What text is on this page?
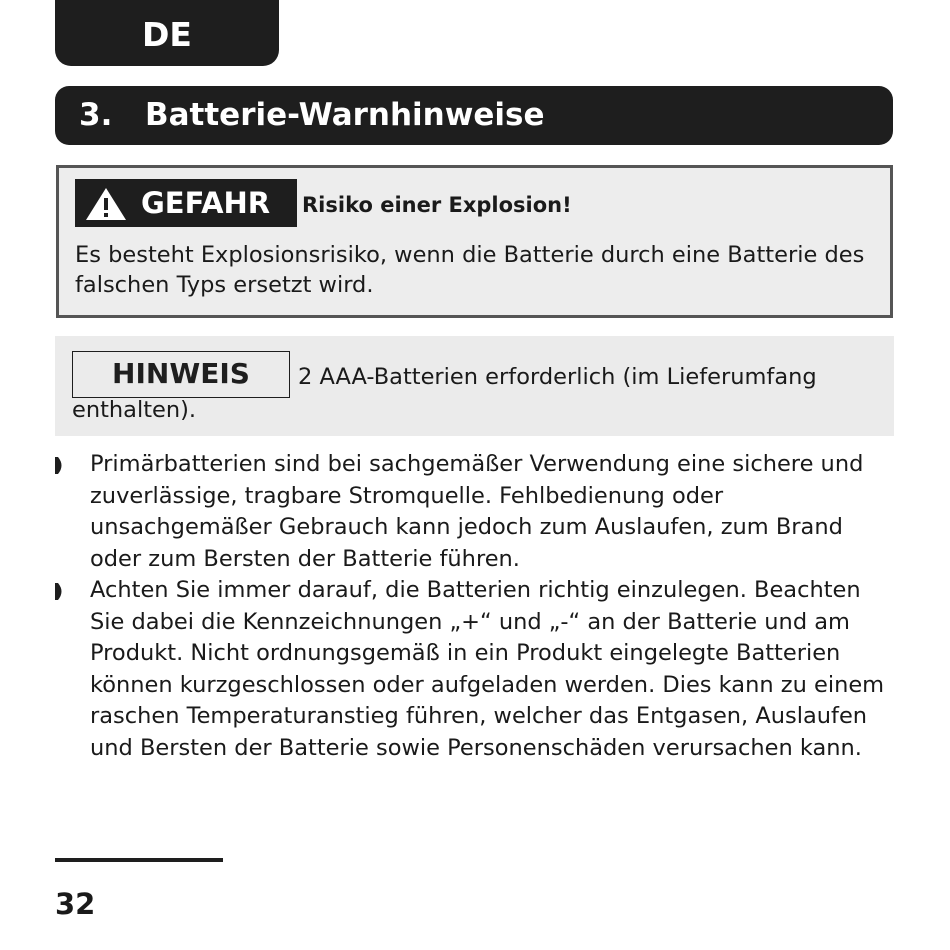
DE
3. Batterie-Warnhinweise
GEFAHR Risiko einer Explosion!
Es besteht Explosionsrisiko, wenn die Batterie durch eine Batterie des falschen Typs ersetzt wird.
HINWEIS	2 AAA-Batterien erforderlich (im Lieferumfang
enthalten).
Primärbatterien sind bei sachgemäßer Verwendung eine sichere und zuverlässige, tragbare Stromquelle. Fehlbedienung oder unsachgemäßer Gebrauch kann jedoch zum Auslaufen, zum Brand oder zum Bersten der Batterie führen.
Achten Sie immer darauf, die Batterien richtig einzulegen. Beachten Sie dabei die Kennzeichnungen „+“ und „-“ an der Batterie und am Produkt. Nicht ordnungsgemäß in ein Produkt eingelegte Batterien können kurzgeschlossen oder aufgeladen werden. Dies kann zu einem raschen Temperaturanstieg führen, welcher das Entgasen, Auslaufen und Bersten der Batterie sowie Personenschäden verursachen kann.
32
